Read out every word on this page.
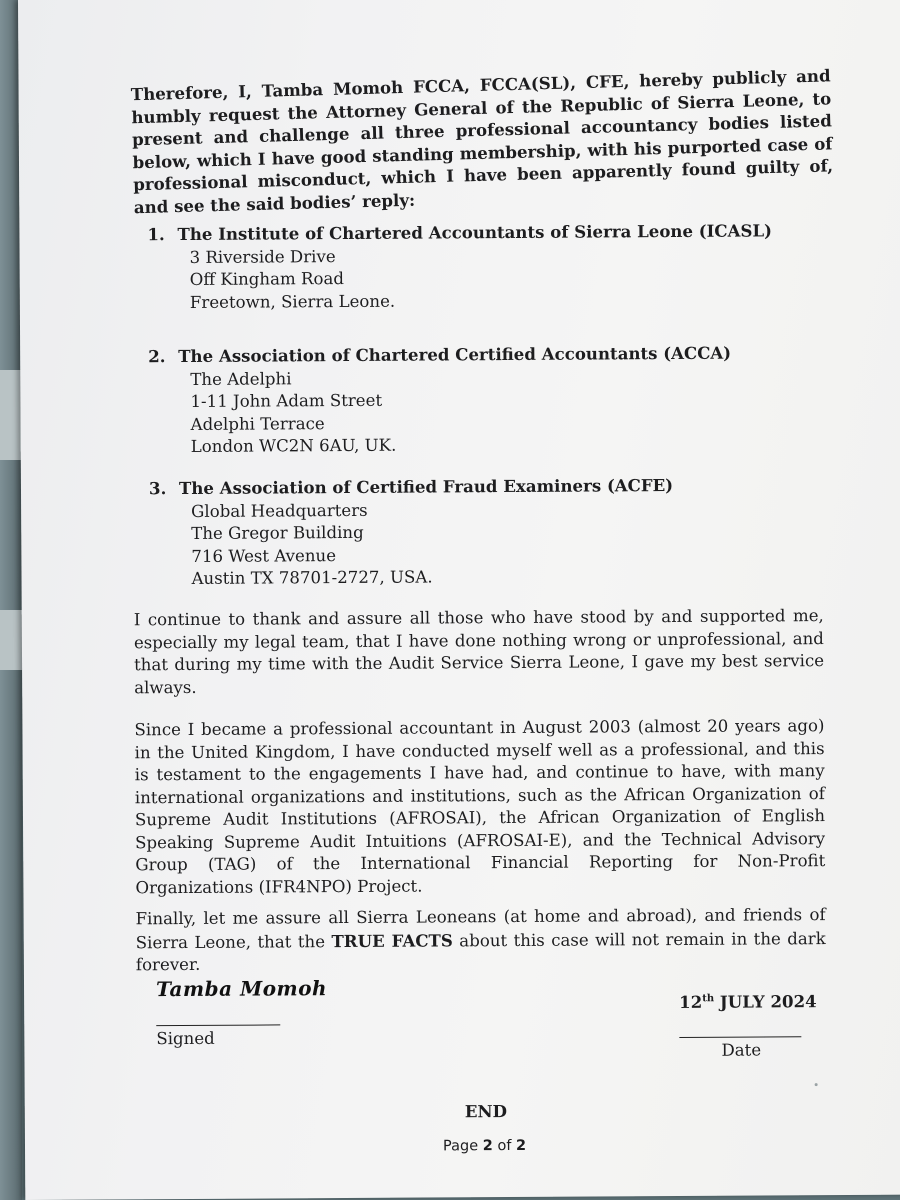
Therefore, I, Tamba Momoh FCCA, FCCA(SL), CFE, hereby publicly and humbly request the Attorney General of the Republic of Sierra Leone, to present and challenge all three professional accountancy bodies listed below, which I have good standing membership, with his purported case of professional misconduct, which I have been apparently found guilty of, and see the said bodies’ reply:

1. The Institute of Chartered Accountants of Sierra Leone (ICASL)
3 Riverside Drive
Off Kingham Road
Freetown, Sierra Leone.
2. The Association of Chartered Certified Accountants (ACCA)
The Adelphi
1-11 John Adam Street
Adelphi Terrace
London WC2N 6AU, UK.
3. The Association of Certified Fraud Examiners (ACFE)
Global Headquarters
The Gregor Building
716 West Avenue
Austin TX 78701-2727, USA.

I continue to thank and assure all those who have stood by and supported me, especially my legal team, that I have done nothing wrong or unprofessional, and that during my time with the Audit Service Sierra Leone, I gave my best service always.

Since I became a professional accountant in August 2003 (almost 20 years ago) in the United Kingdom, I have conducted myself well as a professional, and this is testament to the engagements I have had, and continue to have, with many international organizations and institutions, such as the African Organization of Supreme Audit Institutions (AFROSAI), the African Organization of English Speaking Supreme Audit Intuitions (AFROSAI-E), and the Technical Advisory Group (TAG) of the International Financial Reporting for Non-Profit Organizations (IFR4NPO) Project.

Finally, let me assure all Sierra Leoneans (at home and abroad), and friends of Sierra Leone, that the TRUE FACTS about this case will not remain in the dark forever.

Tamba Momoh
Signed
12th JULY 2024
Date
END
Page 2 of 2
